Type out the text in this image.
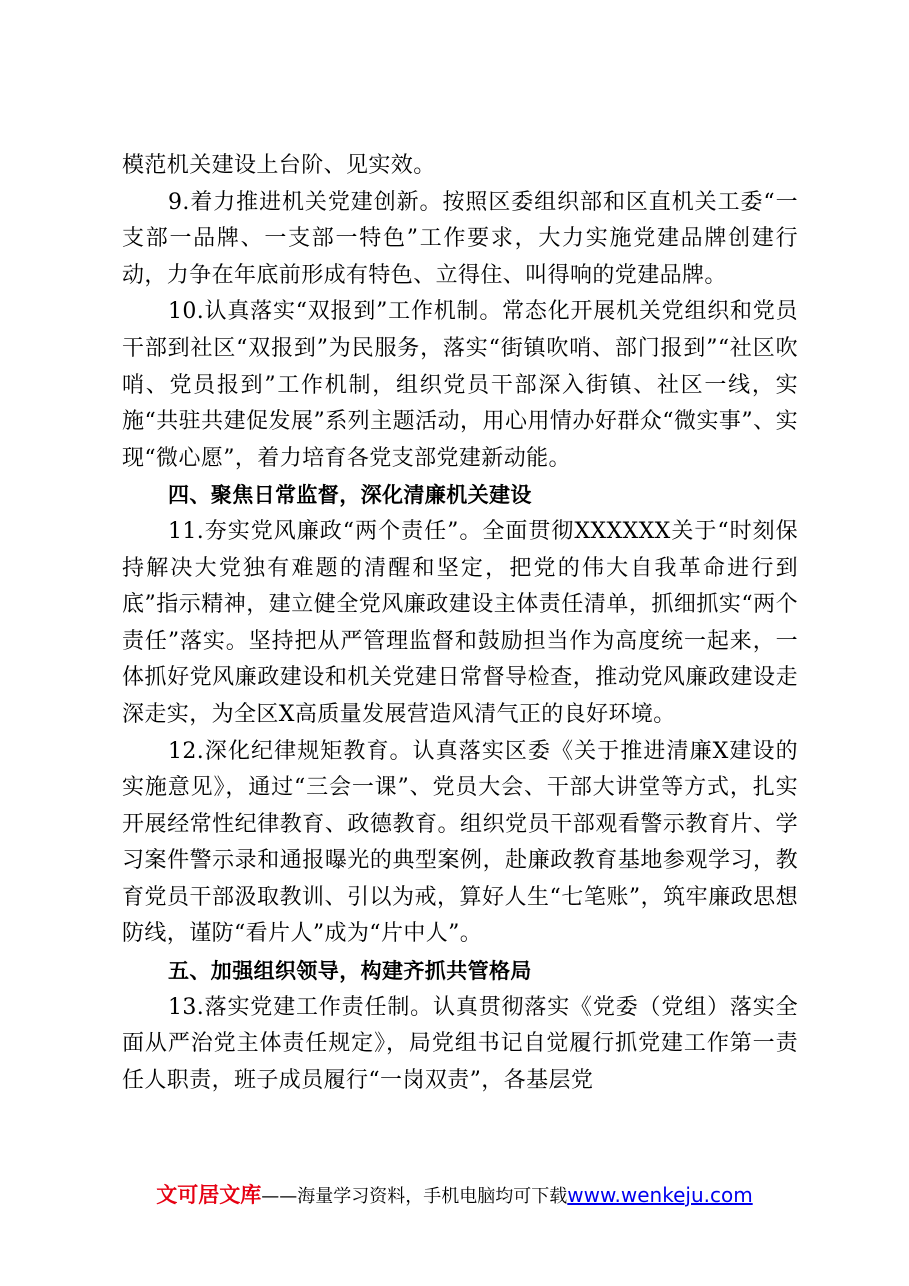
模范机关建设上台阶、见实效。

9.着力推进机关党建创新。按照区委组织部和区直机关工委“一支部一品牌、一支部一特色”工作要求，大力实施党建品牌创建行动，力争在年底前形成有特色、立得住、叫得响的党建品牌。

10.认真落实“双报到”工作机制。常态化开展机关党组织和党员干部到社区“双报到”为民服务，落实“街镇吹哨、部门报到”“社区吹哨、党员报到”工作机制，组织党员干部深入街镇、社区一线，实施“共驻共建促发展”系列主题活动，用心用情办好群众“微实事”、实现“微心愿”，着力培育各党支部党建新动能。

四、聚焦日常监督，深化清廉机关建设

11.夯实党风廉政“两个责任”。全面贯彻XXXXXX关于“时刻保持解决大党独有难题的清醒和坚定，把党的伟大自我革命进行到底”指示精神，建立健全党风廉政建设主体责任清单，抓细抓实“两个责任”落实。坚持把从严管理监督和鼓励担当作为高度统一起来，一体抓好党风廉政建设和机关党建日常督导检查，推动党风廉政建设走深走实，为全区X高质量发展营造风清气正的良好环境。

12.深化纪律规矩教育。认真落实区委《关于推进清廉X建设的实施意见》，通过“三会一课”、党员大会、干部大讲堂等方式，扎实开展经常性纪律教育、政德教育。组织党员干部观看警示教育片、学习案件警示录和通报曝光的典型案例，赴廉政教育基地参观学习，教育党员干部汲取教训、引以为戒，算好人生“七笔账”，筑牢廉政思想防线，谨防“看片人”成为“片中人”。

五、加强组织领导，构建齐抓共管格局

13.落实党建工作责任制。认真贯彻落实《党委（党组）落实全面从严治党主体责任规定》，局党组书记自觉履行抓党建工作第一责任人职责，班子成员履行“一岗双责”，各基层党

文可居文库——海量学习资料，手机电脑均可下载www.wenkeju.com
